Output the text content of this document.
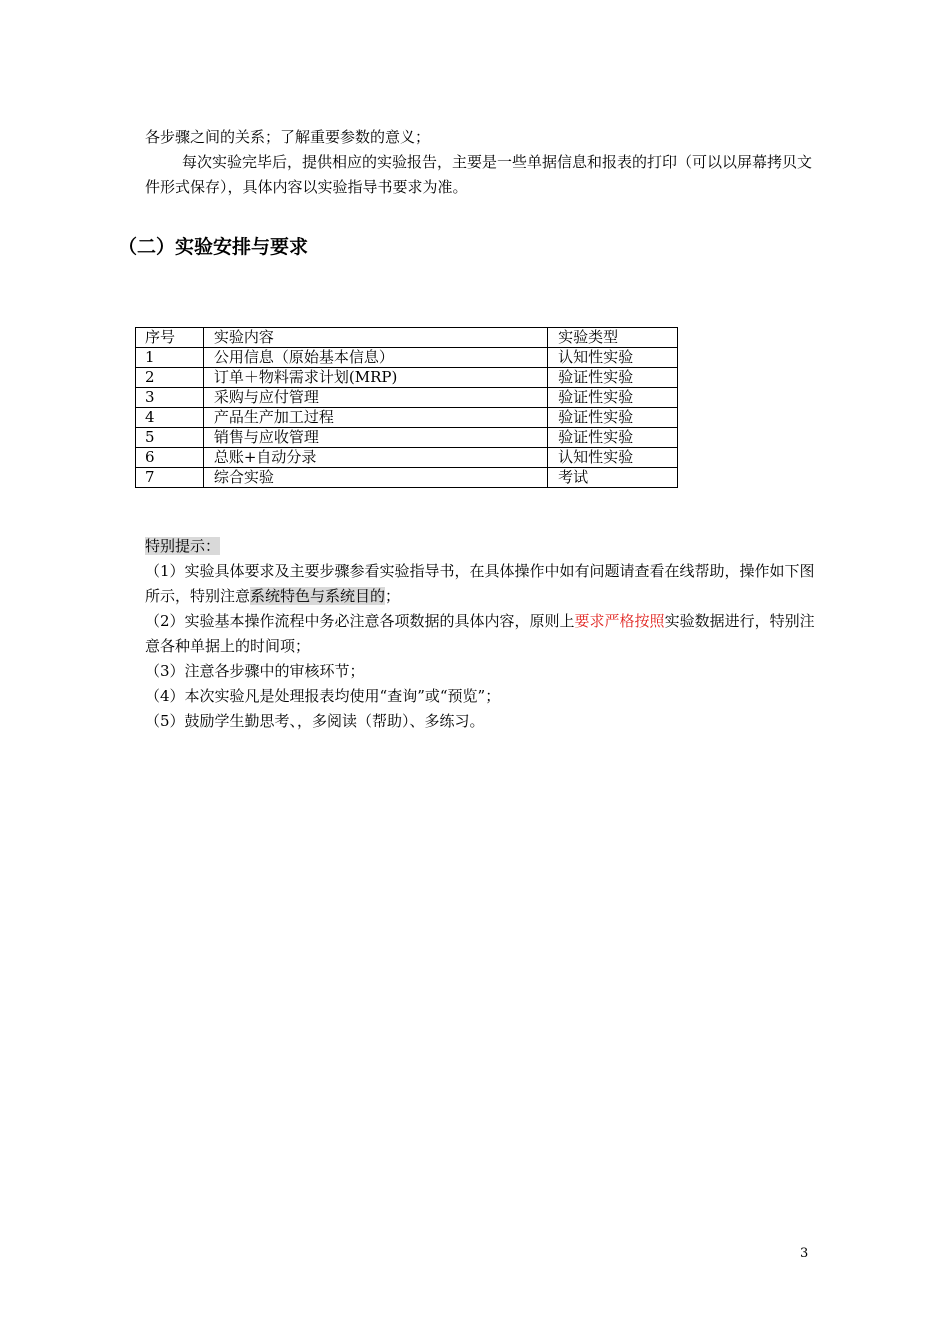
各步骤之间的关系；了解重要参数的意义；

每次实验完毕后，提供相应的实验报告，主要是一些单据信息和报表的打印（可以以屏幕拷贝文件形式保存），具体内容以实验指导书要求为准。

（二）实验安排与要求
序号	实验内容	实验类型
1	公用信息（原始基本信息）	认知性实验
2	订单＋物料需求计划(MRP)	验证性实验
3	采购与应付管理	验证性实验
4	产品生产加工过程	验证性实验
5	销售与应收管理	验证性实验
6	总账+自动分录	认知性实验
7	综合实验	考试

特别提示：

（1）实验具体要求及主要步骤参看实验指导书，在具体操作中如有问题请查看在线帮助，操作如下图所示，特别注意系统特色与系统目的；

（2）实验基本操作流程中务必注意各项数据的具体内容，原则上要求严格按照实验数据进行，特别注意各种单据上的时间项；

（3）注意各步骤中的审核环节；

（4）本次实验凡是处理报表均使用“查询”或“预览”；

（5）鼓励学生勤思考、，多阅读（帮助）、多练习。

3
